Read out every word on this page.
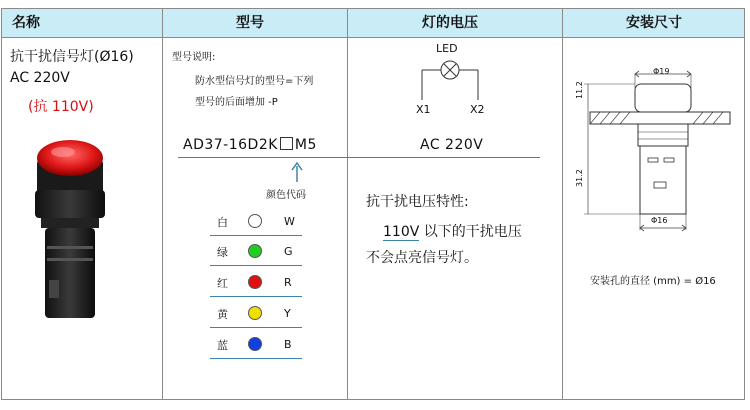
名称	型号	灯的电压	安装尺寸
抗干扰信号灯(Ø16)
AC 220V
(抗 110V)
型号说明:
防水型信号灯的型号=下列
型号的后面增加 -P
AD37-16D2K M5
颜色代码
白	W
绿	G
红	R
黄	Y
蓝	B
LED
X1	X2
AC 220V
抗干扰电压特性:
110V 以下的干扰电压
不会点亮信号灯。
Φ19
11.2
31.2
Φ16
安装孔的直径 (mm) = Ø16
